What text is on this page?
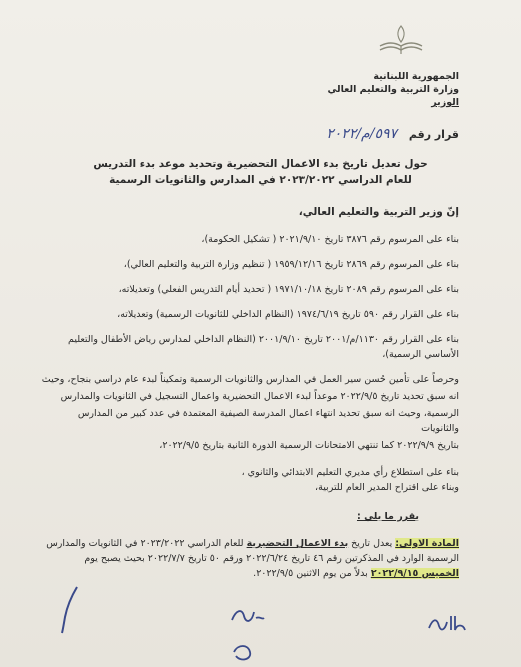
الجمهورية اللبنانية
وزارة التربية والتعليم العالي
الوزير
قرار رقم ٥٩٧/م/٢٠٢٢
حول تعديل تاريخ بدء الاعمال التحضيرية وتحديد موعد بدء التدريس
للعام الدراسي ٢٠٢٣/٢٠٢٢ في المدارس والثانويات الرسمية

إنّ وزير التربية والتعليم العالي،

بناء على المرسوم رقم ٣٨٧٦ تاريخ ٢٠٢١/٩/١٠ ( تشكيل الحكومة)،

بناء على المرسوم رقم ٢٨٦٩ تاريخ ١٩٥٩/١٢/١٦ ( تنظيم وزارة التربية والتعليم العالي)،

بناء على المرسوم رقم ٢٠٨٩ تاريخ ١٩٧١/١٠/١٨ ( تحديد أيام التدريس الفعلي) وتعديلاته،

بناء على القرار رقم ٥٩٠ تاريخ ١٩٧٤/٦/١٩ (النظام الداخلي للثانويات الرسمية) وتعديلاته،

بناء على القرار رقم ١١٣٠/م/٢٠٠١ تاريخ ٢٠٠١/٩/١٠ (النظام الداخلي لمدارس رياض الأطفال والتعليم الأساسي الرسمية)،

وحرصاً على تأمين حُسن سير العمل في المدارس والثانويات الرسمية وتمكيناً لبدء عام دراسي بنجاح، وحيث

انه سبق تحديد تاريخ ٢٠٢٢/٩/٥ موعداً لبدء الاعمال التحضيرية واعمال التسجيل في الثانويات والمدارس

الرسمية، وحيث انه سبق تحديد انتهاء اعمال المدرسة الصيفية المعتمدة في عدد كبير من المدارس والثانويات

بتاريخ ٢٠٢٢/٩/٩ كما تنتهي الامتحانات الرسمية الدورة الثانية بتاريخ ٢٠٢٢/٩/٥،

بناء على استطلاع رأي مديري التعليم الابتدائي والثانوي ،

وبناء على اقتراح المدير العام للتربية،

يقرر ما يلي :

المادة الاولى: يعدل تاريخ بدء الاعمال التحضيرية للعام الدراسي ٢٠٢٣/٢٠٢٢ في الثانويات والمدارس

الرسمية الوارد في المذكرتين رقم ٤٦ تاريخ ٢٠٢٢/٦/٢٤ ورقم ٥٠ تاريخ ٢٠٢٢/٧/٧ بحيث يصبح يوم

الخميس ٢٠٢٢/٩/١٥ بدلاً من يوم الاثنين ٢٠٢٢/٩/٥.
